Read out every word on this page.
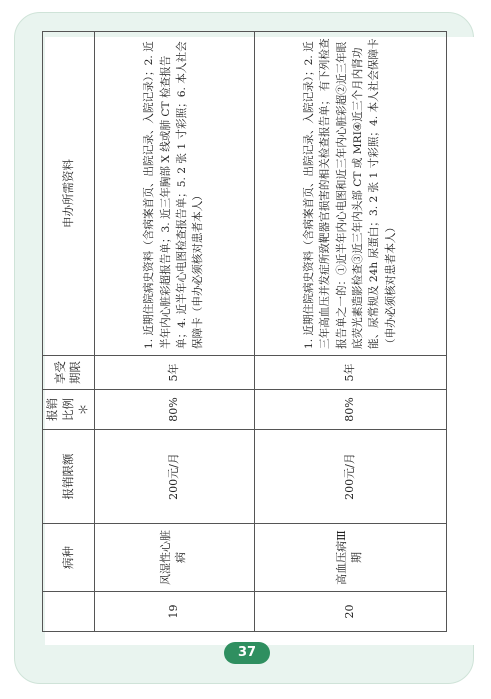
	病种	报销限额	报销比例＊	享受期限	申办所需资料
19	风湿性心脏病	200元/月	80%	5年	1. 近期住院病史资料（含病案首页、出院记录、入院记录）；2. 近半年内心脏彩超报告单；3. 近三年胸部 X 线或肺 CT 检查报告单；4. 近半年心电图检查报告单；5. 2 张 1 寸彩照；6. 本人社会保障卡（申办必须核对患者本人）
20	高血压病Ⅲ期	200元/月	80%	5年	1. 近期住院病史资料（含病案首页、出院记录、入院记录）；2. 近三年高血压并发症所致靶器官损害的相关检查报告单； 有下列检查报告单之一的：①近半年内心电图和近三年内心脏彩超②近三年眼底荧光素造影检查③近三年内头部 CT 或 MRI④近三个月内肾功能、尿常规及 24h 尿蛋白；3. 2 张 1 寸彩照；4. 本人社会保障卡（申办必须核对患者本人）
37
